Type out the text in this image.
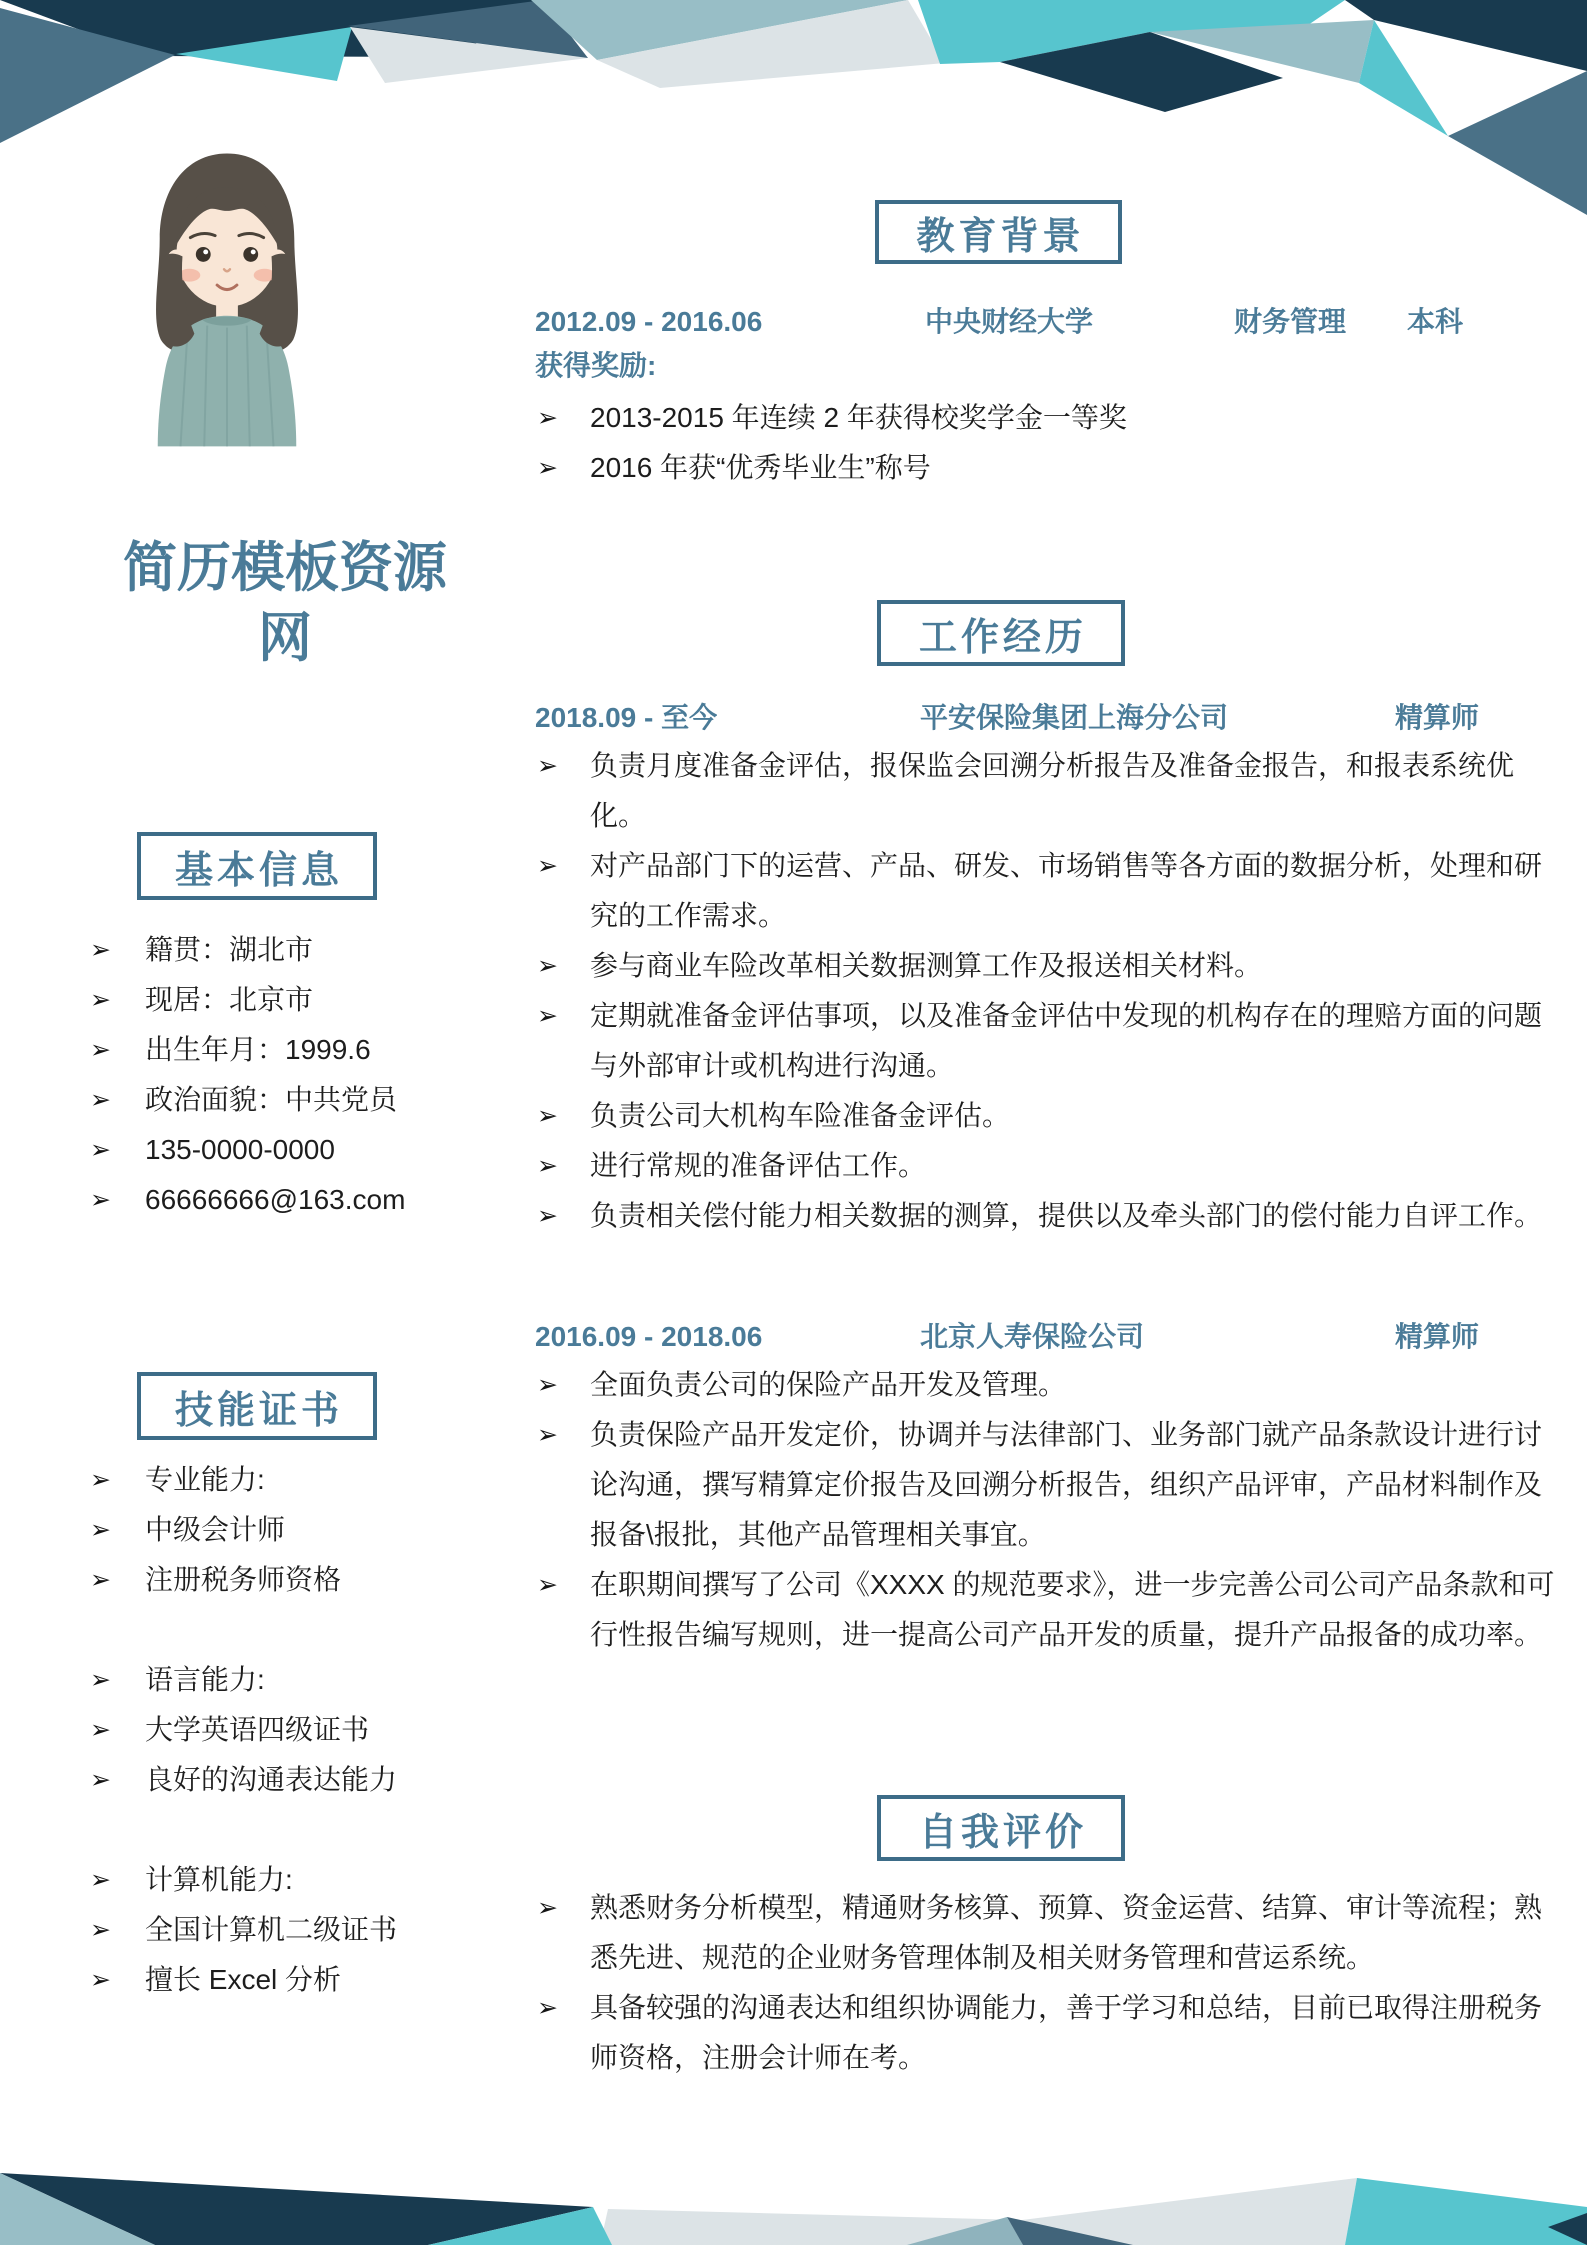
简历模板资源网
基本信息
技能证书
教育背景
工作经历
自我评价
➢ 籍贯：湖北市
➢ 现居：北京市
➢ 出生年月：1999.6
➢ 政治面貌：中共党员
➢ 135-0000-0000
➢ 66666666@163.com
➢ 专业能力:
➢ 中级会计师
➢ 注册税务师资格
➢ 语言能力:
➢ 大学英语四级证书
➢ 良好的沟通表达能力
➢ 计算机能力:
➢ 全国计算机二级证书
➢ 擅长 Excel 分析
2012.09 - 2016.06	中央财经大学	财务管理 本科
获得奖励:
➢ 2013-2015 年连续 2 年获得校奖学金一等奖
➢ 2016 年获“优秀毕业生”称号
2018.09 - 至今	平安保险集团上海分公司	精算师
➢ 负责月度准备金评估，报保监会回溯分析报告及准备金报告，和报表系统优化。
➢ 对产品部门下的运营、产品、研发、市场销售等各方面的数据分析，处理和研究的工作需求。
➢ 参与商业车险改革相关数据测算工作及报送相关材料。
➢ 定期就准备金评估事项，以及准备金评估中发现的机构存在的理赔方面的问题与外部审计或机构进行沟通。
➢ 负责公司大机构车险准备金评估。
➢ 进行常规的准备评估工作。
➢ 负责相关偿付能力相关数据的测算，提供以及牵头部门的偿付能力自评工作。
2016.09 - 2018.06	北京人寿保险公司	精算师
➢ 全面负责公司的保险产品开发及管理。
➢ 负责保险产品开发定价，协调并与法律部门、业务部门就产品条款设计进行讨论沟通，撰写精算定价报告及回溯分析报告，组织产品评审，产品材料制作及报备\报批，其他产品管理相关事宜。
➢ 在职期间撰写了公司《XXXX 的规范要求》，进一步完善公司公司产品条款和可行性报告编写规则，进一提高公司产品开发的质量，提升产品报备的成功率。
➢ 熟悉财务分析模型，精通财务核算、预算、资金运营、结算、审计等流程；熟悉先进、规范的企业财务管理体制及相关财务管理和营运系统。
➢ 具备较强的沟通表达和组织协调能力，善于学习和总结，目前已取得注册税务师资格，注册会计师在考。
